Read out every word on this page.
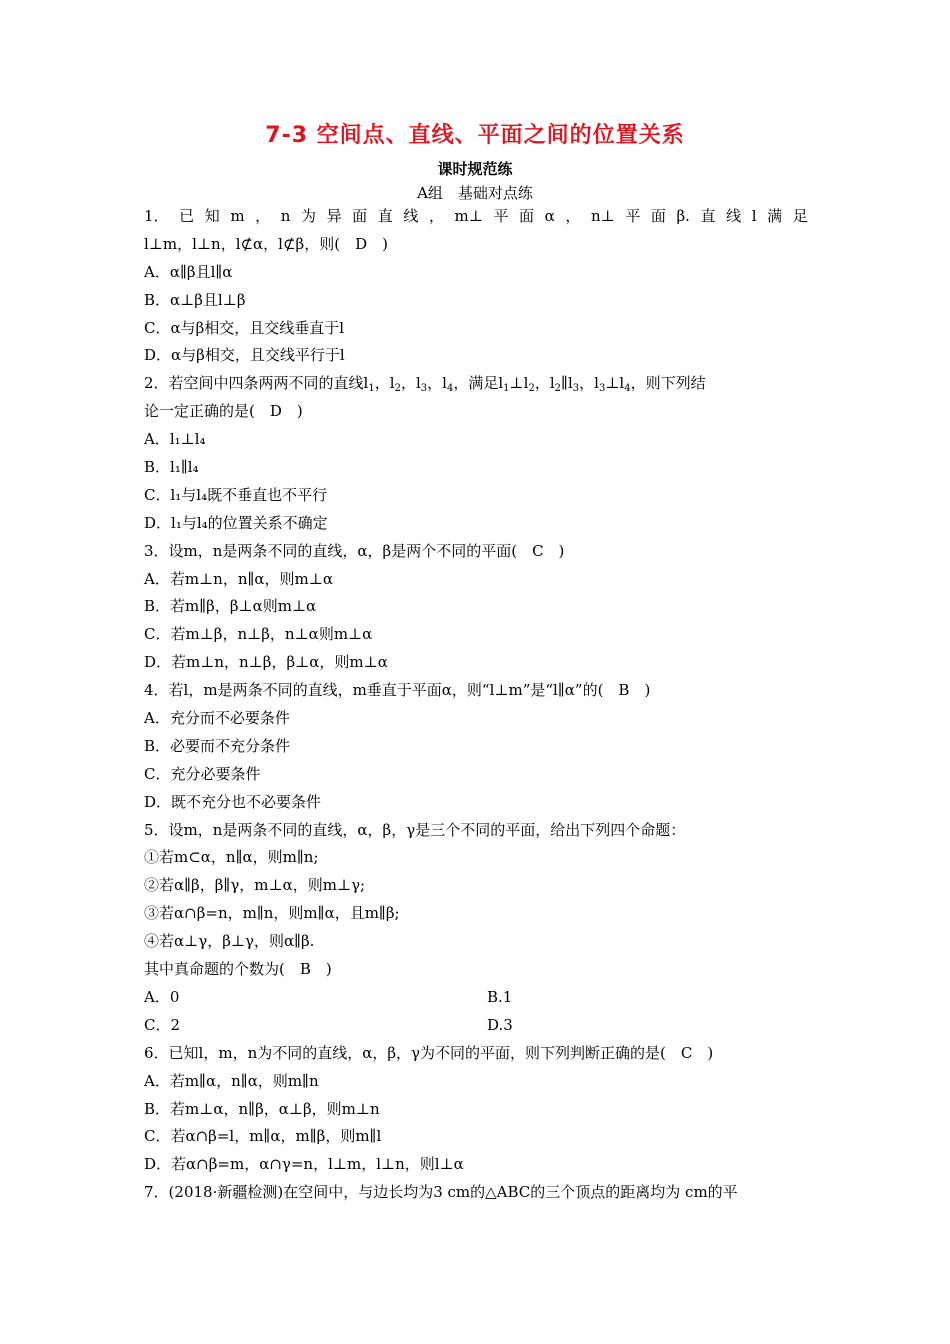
7-3 空间点、直线、平面之间的位置关系
课时规范练
A组　基础对点练
1． 已 知 m ， n 为 异 面 直 线 ， m⊥ 平 面 α ， n⊥ 平 面 β. 直 线 l 满 足
l⊥m，l⊥n，l⊄α，l⊄β，则(　D　)
A．α∥β且l∥α
B．α⊥β且l⊥β
C．α与β相交，且交线垂直于l
D．α与β相交，且交线平行于l
2．若空间中四条两两不同的直线$l_1$，$l_2$，$l_3$，$l_4$，满足$l_1\perp l_2$，$l_2\parallel l_3$，$l_3\perp l_4$，则下列结
论一定正确的是(　D　)
A．l₁⊥l₄
B．l₁∥l₄
C．l₁与l₄既不垂直也不平行
D．l₁与l₄的位置关系不确定
3．设m，n是两条不同的直线，α，β是两个不同的平面(　C　)
A．若m⊥n，n∥α，则m⊥α
B．若m∥β，β⊥α则m⊥α
C．若m⊥β，n⊥β，n⊥α则m⊥α
D．若m⊥n，n⊥β，β⊥α，则m⊥α
4．若l，m是两条不同的直线，m垂直于平面α，则“l⊥m”是“l∥α”的(　B　)
A．充分而不必要条件
B．必要而不充分条件
C．充分必要条件
D．既不充分也不必要条件
5．设m，n是两条不同的直线，α，β，γ是三个不同的平面，给出下列四个命题：
①若m⊂α，n∥α，则m∥n;
②若α∥β，β∥γ，m⊥α，则m⊥γ;
③若α∩β=n，m∥n，则m∥α，且m∥β;
④若α⊥γ，β⊥γ，则α∥β.
其中真命题的个数为(　B　)
A．0	B.1
C．2	D.3
6．已知l，m，n为不同的直线，α，β，γ为不同的平面，则下列判断正确的是(　C　)
A．若m∥α，n∥α，则m∥n
B．若m⊥α，n∥β，α⊥β，则m⊥n
C．若α∩β=l，m∥α，m∥β，则m∥l
D．若α∩β=m，α∩γ=n，l⊥m，l⊥n，则l⊥α
7．(2018·新疆检测)在空间中，与边长均为3 cm的△ABC的三个顶点的距离均为 cm的平
